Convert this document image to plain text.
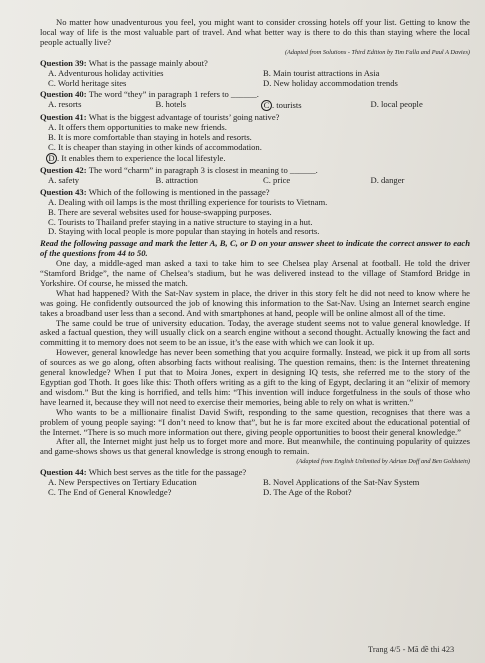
No matter how unadventurous you feel, you might want to consider crossing hotels off your list. Getting to know the local way of life is the most valuable part of travel. And what better way is there to do this than staying where the local people actually live?

(Adapted from Solutions - Third Edition by Tim Falla and Paul A Davies)
Question 39: What is the passage mainly about?
A. Adventurous holiday activities	B. Main tourist attractions in Asia
C. World heritage sites	D. New holiday accommodation trends
Question 40: The word “they” in paragraph 1 refers to ______.
A. resorts	B. hotels	C . tourists	D. local people
Question 41: What is the biggest advantage of tourists’ going native?
A. It offers them opportunities to make new friends.
B. It is more comfortable than staying in hotels and resorts.
C. It is cheaper than staying in other kinds of accommodation.
D . It enables them to experience the local lifestyle.
Question 42: The word “charm” in paragraph 3 is closest in meaning to ______.
A. safety	B. attraction	C. price	D. danger
Question 43: Which of the following is mentioned in the passage?
A. Dealing with oil lamps is the most thrilling experience for tourists to Vietnam.
B. There are several websites used for house-swapping purposes.
C. Tourists to Thailand prefer staying in a native structure to staying in a hut.
D. Staying with local people is more popular than staying in hotels and resorts.

Read the following passage and mark the letter A, B, C, or D on your answer sheet to indicate the correct answer to each of the questions from 44 to 50.

One day, a middle-aged man asked a taxi to take him to see Chelsea play Arsenal at football. He told the driver “Stamford Bridge”, the name of Chelsea’s stadium, but he was delivered instead to the village of Stamford Bridge in Yorkshire. Of course, he missed the match.

What had happened? With the Sat-Nav system in place, the driver in this story felt he did not need to know where he was going. He confidently outsourced the job of knowing this information to the Sat-Nav. Using an Internet search engine takes a broadband user less than a second. And with smartphones at hand, people will be online almost all of the time.

The same could be true of university education. Today, the average student seems not to value general knowledge. If asked a factual question, they will usually click on a search engine without a second thought. Actually knowing the fact and committing it to memory does not seem to be an issue, it’s the ease with which we can look it up.

However, general knowledge has never been something that you acquire formally. Instead, we pick it up from all sorts of sources as we go along, often absorbing facts without realising. The question remains, then: is the Internet threatening general knowledge? When I put that to Moira Jones, expert in designing IQ tests, she referred me to the story of the Egyptian god Thoth. It goes like this: Thoth offers writing as a gift to the king of Egypt, declaring it an “elixir of memory and wisdom.” But the king is horrified, and tells him: “This invention will induce forgetfulness in the souls of those who have learned it, because they will not need to exercise their memories, being able to rely on what is written.”

Who wants to be a millionaire finalist David Swift, responding to the same question, recognises that there was a problem of young people saying: “I don’t need to know that”, but he is far more excited about the educational potential of the Internet. “There is so much more information out there, giving people opportunities to boost their general knowledge.”

After all, the Internet might just help us to forget more and more. But meanwhile, the continuing popularity of quizzes and game-shows shows us that general knowledge is strong enough to remain.

(Adapted from English Unlimited by Adrian Doff and Ben Goldstein)
Question 44: Which best serves as the title for the passage?
A. New Perspectives on Tertiary Education	B. Novel Applications of the Sat-Nav System
C. The End of General Knowledge?	D. The Age of the Robot?
Trang 4/5 - Mã đề thi 423
